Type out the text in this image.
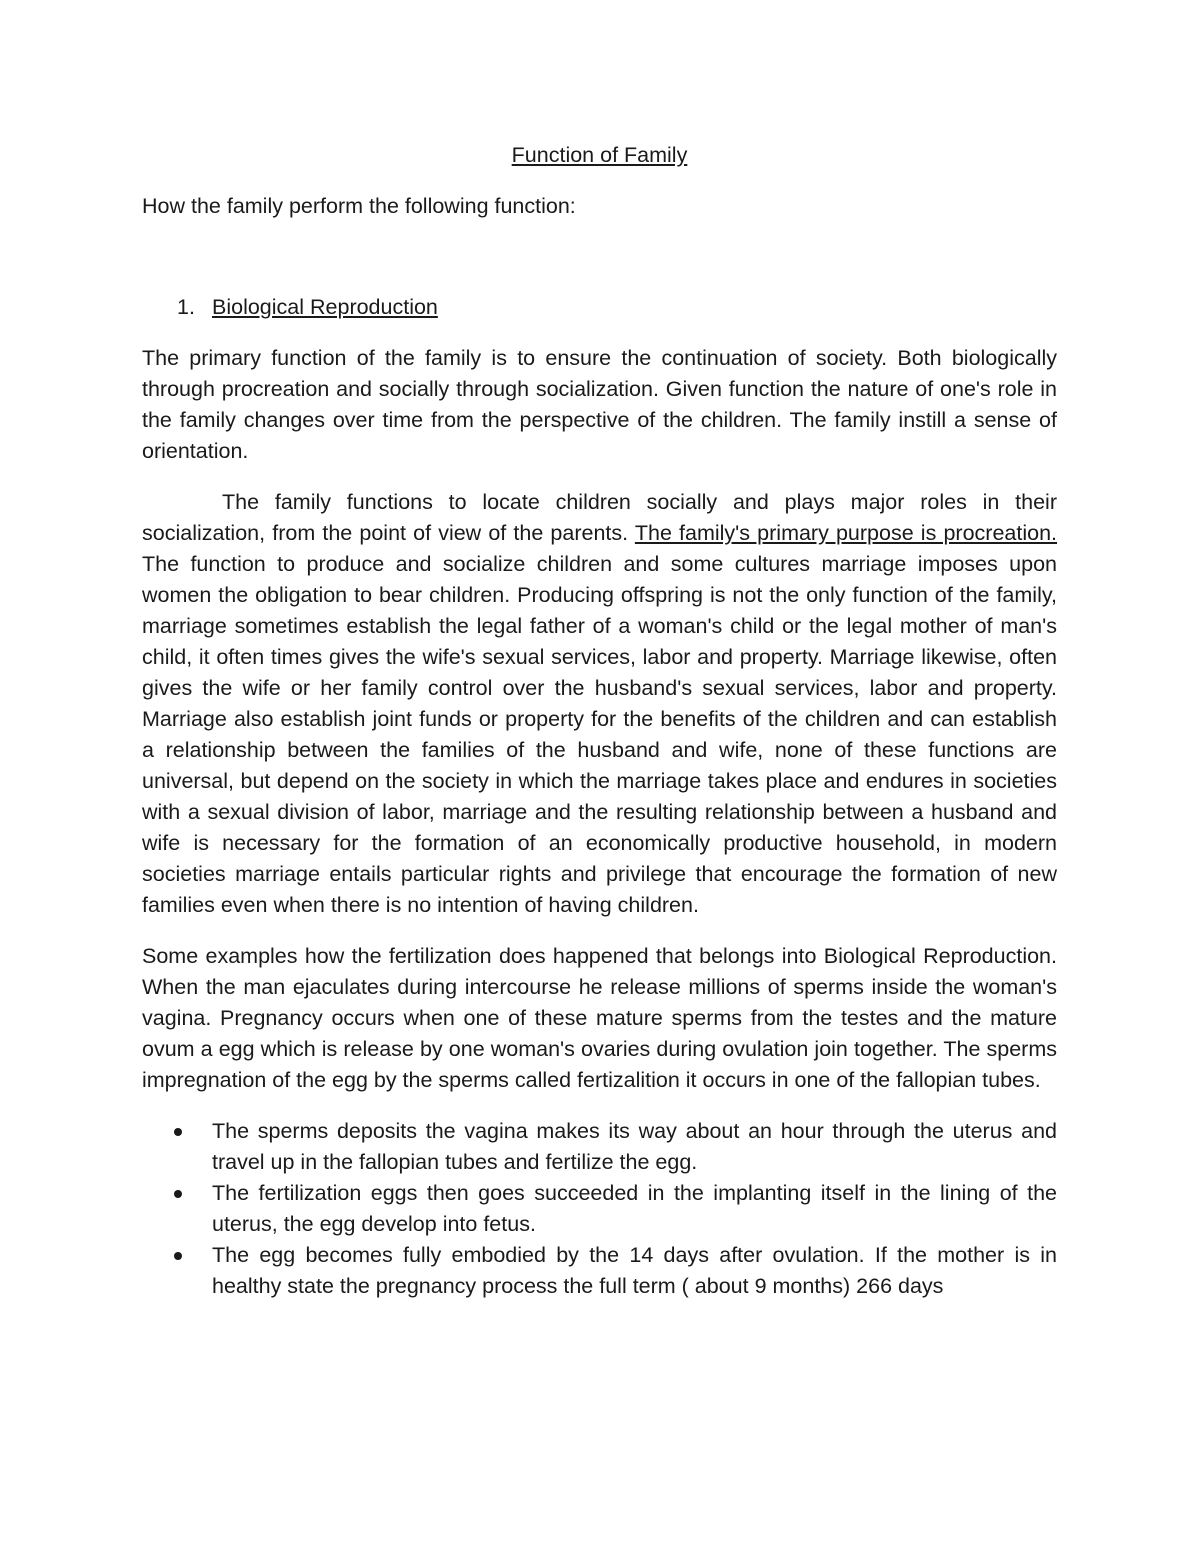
Function of Family
How the family perform the following function:
1. Biological Reproduction

The primary function of the family is to ensure the continuation of society. Both biologically through procreation and socially through socialization. Given function the nature of one's role in the family changes over time from the perspective of the children. The family instill a sense of orientation.

The family functions to locate children socially and plays major roles in their socialization, from the point of view of the parents. The family's primary purpose is procreation. The function to produce and socialize children and some cultures marriage imposes upon women the obligation to bear children. Producing offspring is not the only function of the family, marriage sometimes establish the legal father of a woman's child or the legal mother of man's child, it often times gives the wife's sexual services, labor and property. Marriage likewise, often gives the wife or her family control over the husband's sexual services, labor and property. Marriage also establish joint funds or property for the benefits of the children and can establish a relationship between the families of the husband and wife, none of these functions are universal, but depend on the society in which the marriage takes place and endures in societies with a sexual division of labor, marriage and the resulting relationship between a husband and wife is necessary for the formation of an economically productive household, in modern societies marriage entails particular rights and privilege that encourage the formation of new families even when there is no intention of having children.

Some examples how the fertilization does happened that belongs into Biological Reproduction. When the man ejaculates during intercourse he release millions of sperms inside the woman's vagina. Pregnancy occurs when one of these mature sperms from the testes and the mature ovum a egg which is release by one woman's ovaries during ovulation join together. The sperms impregnation of the egg by the sperms called fertizalition it occurs in one of the fallopian tubes.

The sperms deposits the vagina makes its way about an hour through the uterus and travel up in the fallopian tubes and fertilize the egg.
The fertilization eggs then goes succeeded in the implanting itself in the lining of the uterus, the egg develop into fetus.
The egg becomes fully embodied by the 14 days after ovulation. If the mother is in healthy state the pregnancy process the full term ( about 9 months) 266 days
